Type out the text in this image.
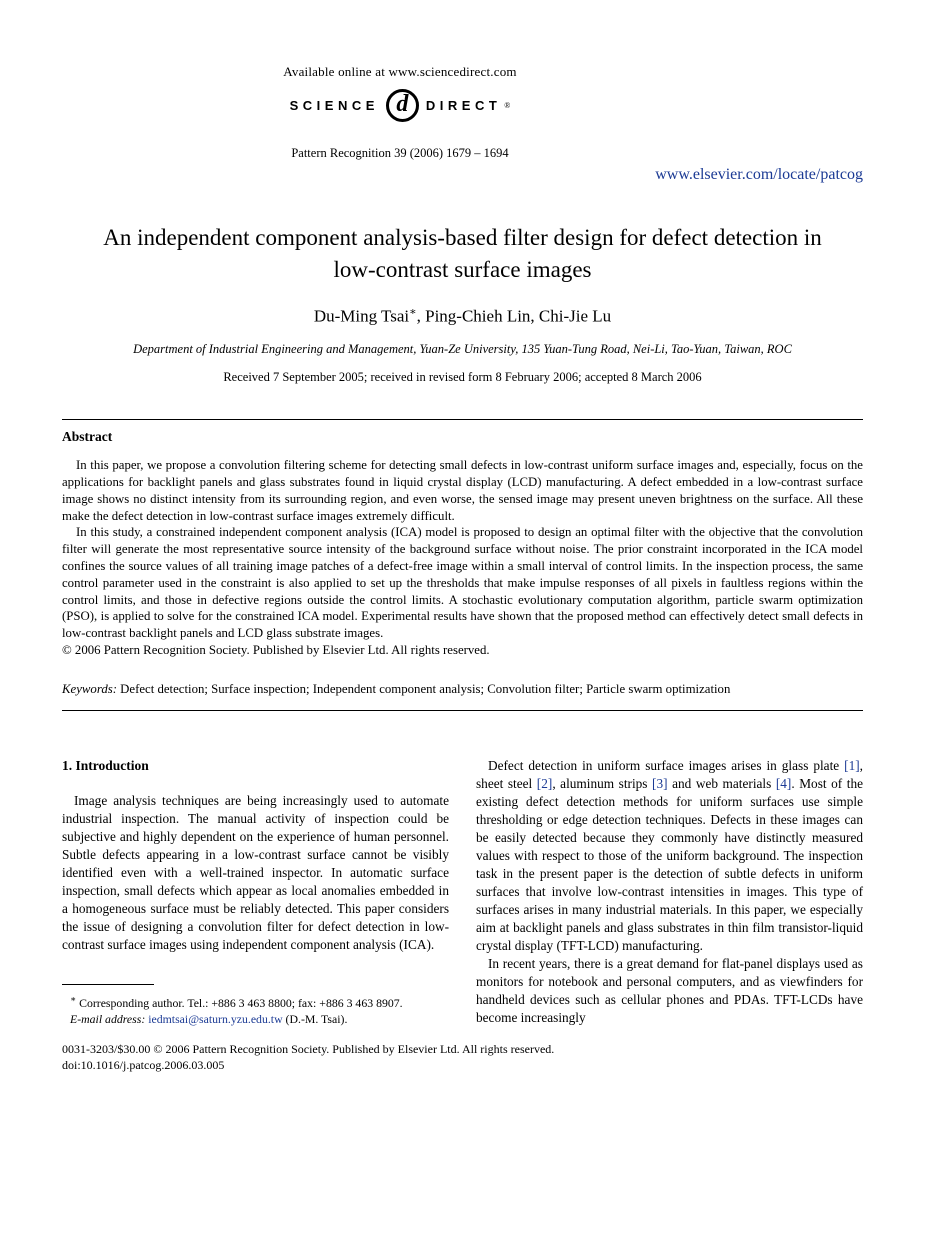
Available online at www.sciencedirect.com
SCIENCE d DIRECT ®
Pattern Recognition 39 (2006) 1679 – 1694
www.elsevier.com/locate/patcog
An independent component analysis-based filter design for defect detection in low-contrast surface images
Du-Ming Tsai∗, Ping-Chieh Lin, Chi-Jie Lu
Department of Industrial Engineering and Management, Yuan-Ze University, 135 Yuan-Tung Road, Nei-Li, Tao-Yuan, Taiwan, ROC
Received 7 September 2005; received in revised form 8 February 2006; accepted 8 March 2006
Abstract

In this paper, we propose a convolution filtering scheme for detecting small defects in low-contrast uniform surface images and, especially, focus on the applications for backlight panels and glass substrates found in liquid crystal display (LCD) manufacturing. A defect embedded in a low-contrast surface image shows no distinct intensity from its surrounding region, and even worse, the sensed image may present uneven brightness on the surface. All these make the defect detection in low-contrast surface images extremely difficult.

In this study, a constrained independent component analysis (ICA) model is proposed to design an optimal filter with the objective that the convolution filter will generate the most representative source intensity of the background surface without noise. The prior constraint incorporated in the ICA model confines the source values of all training image patches of a defect-free image within a small interval of control limits. In the inspection process, the same control parameter used in the constraint is also applied to set up the thresholds that make impulse responses of all pixels in faultless regions within the control limits, and those in defective regions outside the control limits. A stochastic evolutionary computation algorithm, particle swarm optimization (PSO), is applied to solve for the constrained ICA model. Experimental results have shown that the proposed method can effectively detect small defects in low-contrast backlight panels and LCD glass substrate images.

© 2006 Pattern Recognition Society. Published by Elsevier Ltd. All rights reserved.

Keywords: Defect detection; Surface inspection; Independent component analysis; Convolution filter; Particle swarm optimization

1. Introduction

Image analysis techniques are being increasingly used to automate industrial inspection. The manual activity of inspection could be subjective and highly dependent on the experience of human personnel. Subtle defects appearing in a low-contrast surface cannot be visibly identified even with a well-trained inspector. In automatic surface inspection, small defects which appear as local anomalies embedded in a homogeneous surface must be reliably detected. This paper considers the issue of designing a convolution filter for defect detection in low-contrast surface images using independent component analysis (ICA).

∗ Corresponding author. Tel.: +886 3 463 8800; fax: +886 3 463 8907.

E-mail address: iedmtsai@saturn.yzu.edu.tw (D.-M. Tsai).

Defect detection in uniform surface images arises in glass plate [1], sheet steel [2], aluminum strips [3] and web materials [4]. Most of the existing defect detection methods for uniform surfaces use simple thresholding or edge detection techniques. Defects in these images can be easily detected because they commonly have distinctly measured values with respect to those of the uniform background. The inspection task in the present paper is the detection of subtle defects in uniform surfaces that involve low-contrast intensities in images. This type of surfaces arises in many industrial materials. In this paper, we especially aim at backlight panels and glass substrates in thin film transistor-liquid crystal display (TFT-LCD) manufacturing.

In recent years, there is a great demand for flat-panel displays used as monitors for notebook and personal computers, and as viewfinders for handheld devices such as cellular phones and PDAs. TFT-LCDs have become increasingly

0031-3203/$30.00 © 2006 Pattern Recognition Society. Published by Elsevier Ltd. All rights reserved.
doi:10.1016/j.patcog.2006.03.005
